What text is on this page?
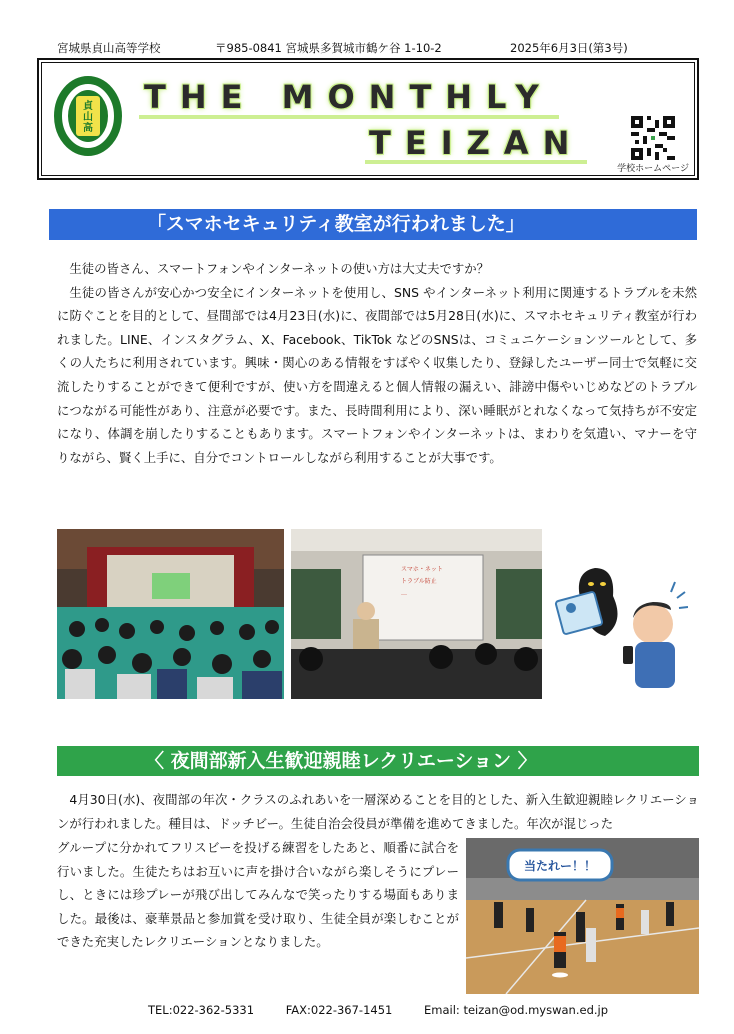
宮城県貞山高等学校	〒985-0841 宮城県多賀城市鶴ケ谷 1-10-2	2025年6月3日(第3号)
貞
山
高
THE MONTHLY
TEIZAN
学校ホームページ
「スマホセキュリティ教室が行われました」

生徒の皆さん、スマートフォンやインターネットの使い方は大丈夫ですか？

生徒の皆さんが安心かつ安全にインターネットを使用し、SNS やインターネット利用に関連するトラブルを未然に防ぐことを目的として、昼間部では4月23日(水)に、夜間部では5月28日(水)に、スマホセキュリティ教室が行われました。LINE、インスタグラム、X、Facebook、TikTok などのSNSは、コミュニケーションツールとして、多くの人たちに利用されています。興味・関心のある情報をすばやく収集したり、登録したユーザー同士で気軽に交流したりすることができて便利ですが、使い方を間違えると個人情報の漏えい、誹謗中傷やいじめなどのトラブルにつながる可能性があり、注意が必要です。また、長時間利用により、深い睡眠がとれなくなって気持ちが不安定になり、体調を崩したりすることもあります。スマートフォンやインターネットは、まわりを気遣い、マナーを守りながら、賢く上手に、自分でコントロールしながら利用することが大事です。

スマホ・ネット
トラブル防止
…
〈 夜間部新入生歓迎親睦レクリエーション 〉

4月30日(水)、夜間部の年次・クラスのふれあいを一層深めることを目的とした、新入生歓迎親睦レクリエーションが行われました。種目は、ドッチビー。生徒自治会役員が準備を進めてきました。年次が混じった

グループに分かれてフリスビーを投げる練習をしたあと、順番に試合を行いました。生徒たちはお互いに声を掛け合いながら楽しそうにプレーし、ときには珍プレーが飛び出してみんなで笑ったりする場面もありました。最後は、豪華景品と参加賞を受け取り、生徒全員が楽しむことができた充実したレクリエーションとなりました。

当たれー！！
TEL:022-362-5331	FAX:022-367-1451	Email: teizan@od.myswan.ed.jp
